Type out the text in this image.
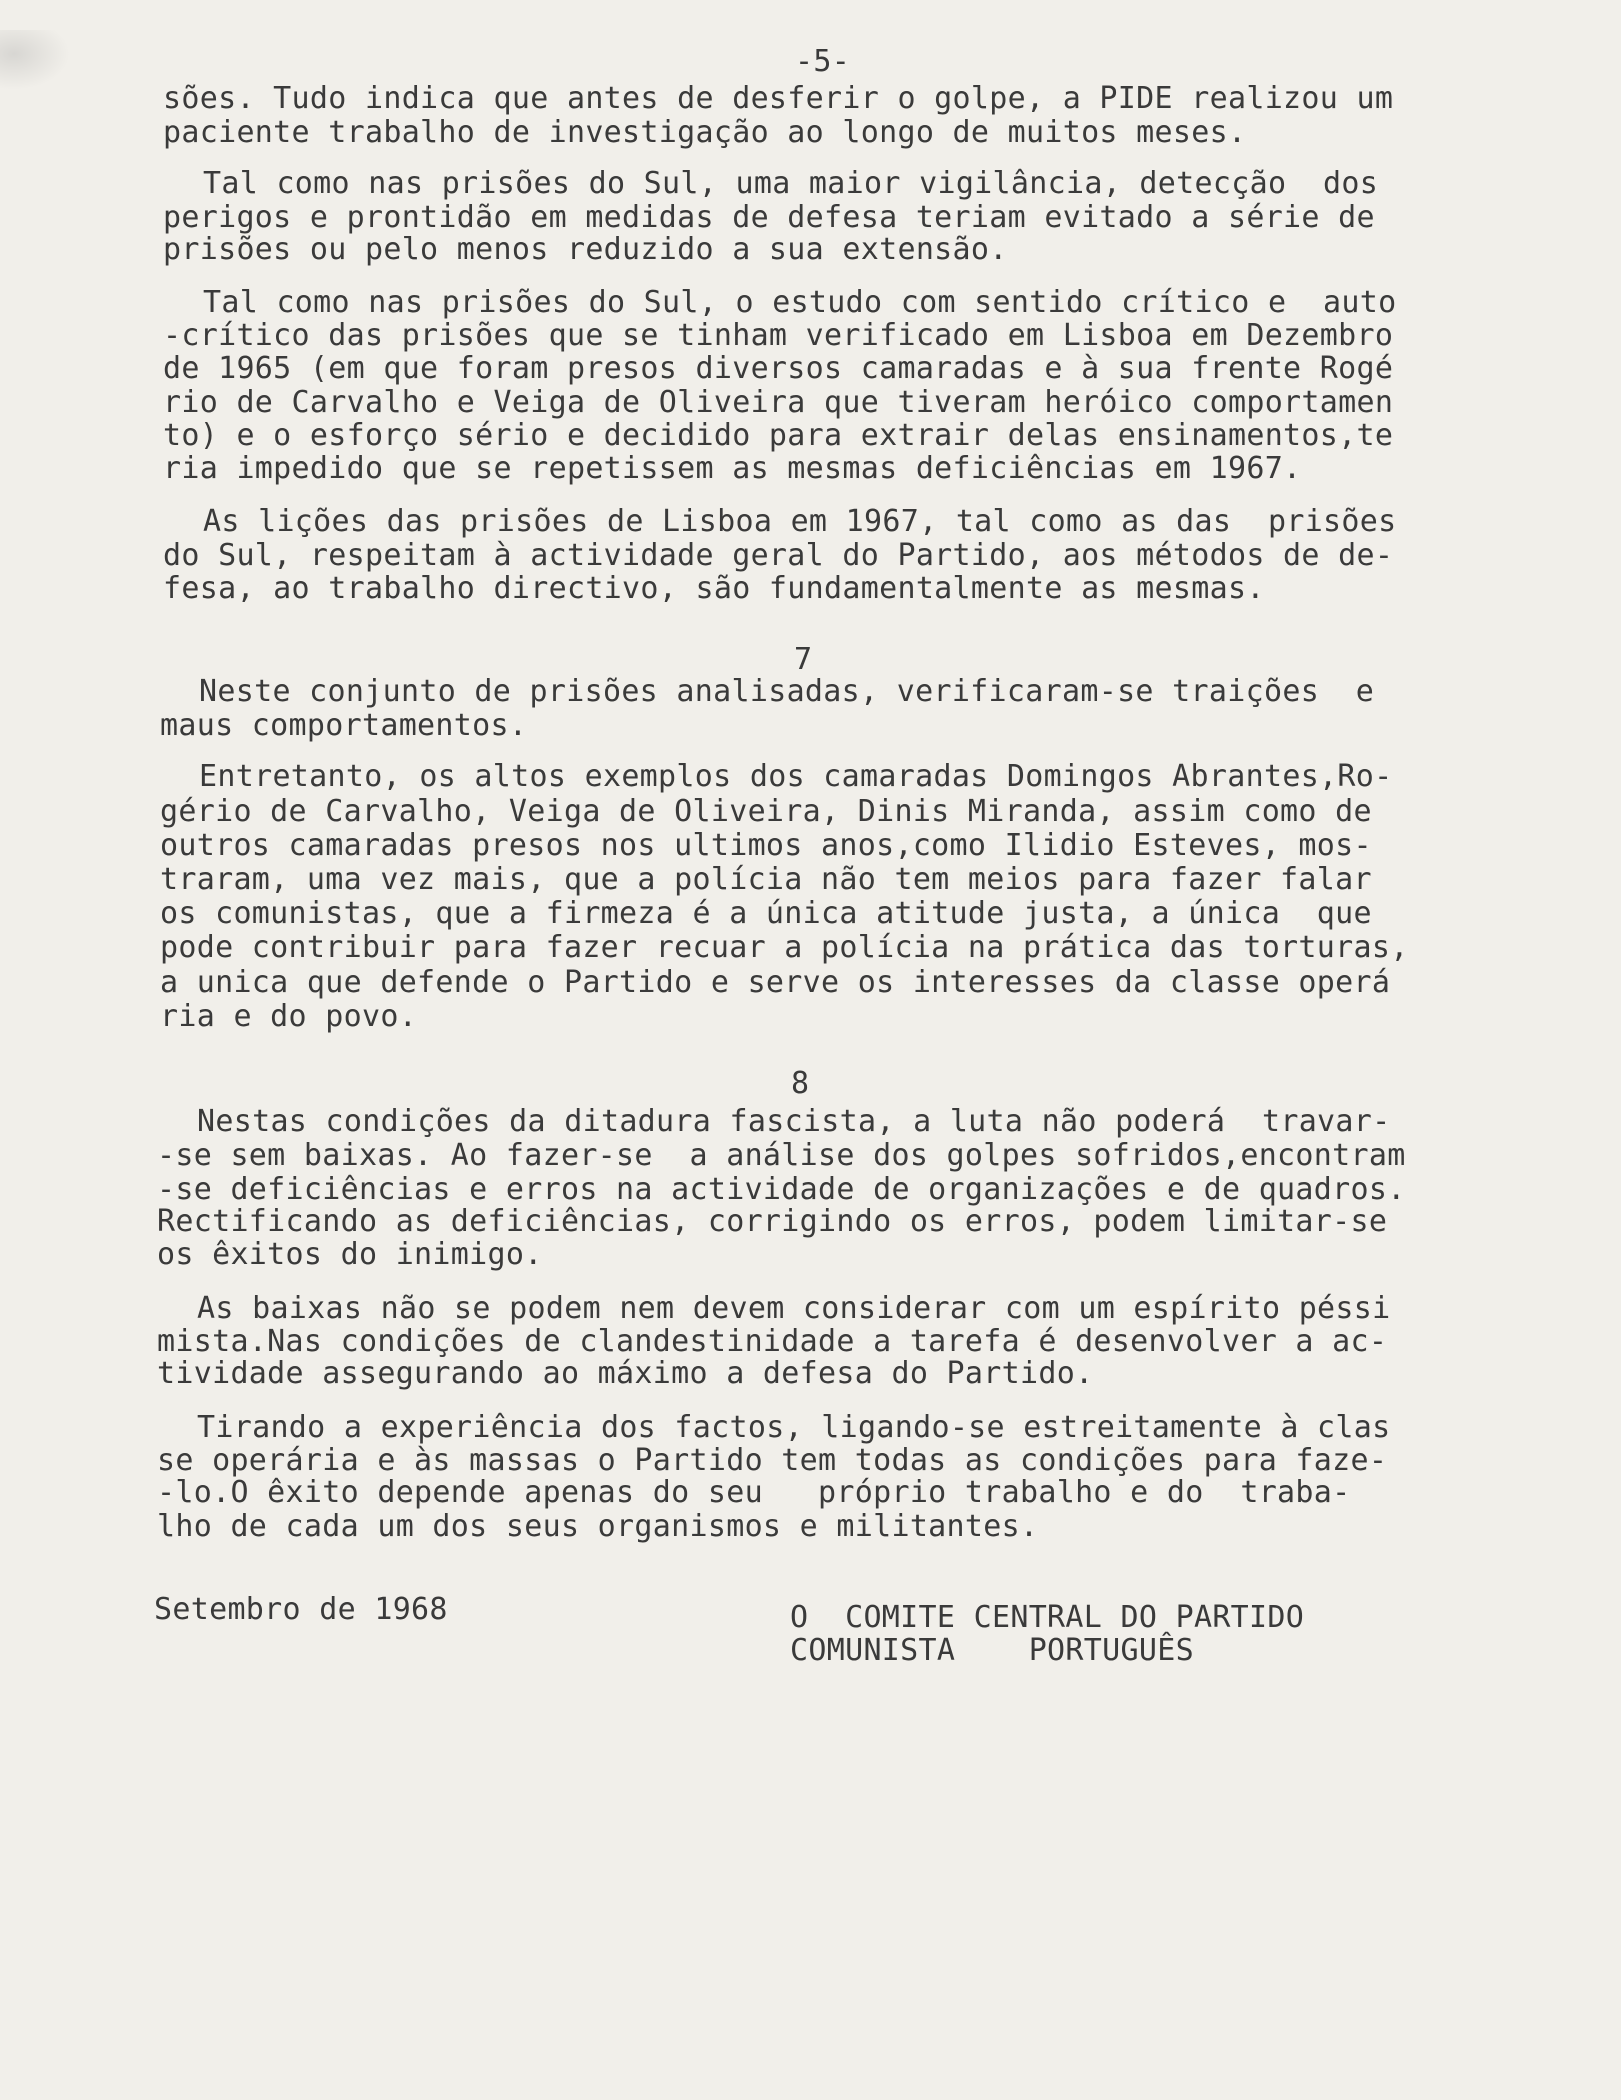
-5-
sões. Tudo indica que antes de desferir o golpe, a PIDE realizou um
paciente trabalho de investigação ao longo de muitos meses.
Tal como nas prisões do Sul, uma maior vigilância, detecção  dos
perigos e prontidão em medidas de defesa teriam evitado a série de
prisões ou pelo menos reduzido a sua extensão.
Tal como nas prisões do Sul, o estudo com sentido crítico e  auto
-crítico das prisões que se tinham verificado em Lisboa em Dezembro
de 1965 (em que foram presos diversos camaradas e à sua frente Rogé
rio de Carvalho e Veiga de Oliveira que tiveram heróico comportamen
to) e o esforço sério e decidido para extrair delas ensinamentos,te
ria impedido que se repetissem as mesmas deficiências em 1967.
As lições das prisões de Lisboa em 1967, tal como as das  prisões
do Sul, respeitam à actividade geral do Partido, aos métodos de de-
fesa, ao trabalho directivo, são fundamentalmente as mesmas.
7
Neste conjunto de prisões analisadas, verificaram-se traições  e
maus comportamentos.
Entretanto, os altos exemplos dos camaradas Domingos Abrantes,Ro-
gério de Carvalho, Veiga de Oliveira, Dinis Miranda, assim como de
outros camaradas presos nos ultimos anos,como Ilidio Esteves, mos-
traram, uma vez mais, que a polícia não tem meios para fazer falar
os comunistas, que a firmeza é a única atitude justa, a única  que
pode contribuir para fazer recuar a polícia na prática das torturas,
a unica que defende o Partido e serve os interesses da classe operá
ria e do povo.
8
Nestas condições da ditadura fascista, a luta não poderá  travar-
-se sem baixas. Ao fazer-se  a análise dos golpes sofridos,encontram
-se deficiências e erros na actividade de organizações e de quadros.
Rectificando as deficiências, corrigindo os erros, podem limitar-se
os êxitos do inimigo.
As baixas não se podem nem devem considerar com um espírito péssi
mista.Nas condições de clandestinidade a tarefa é desenvolver a ac-
tividade assegurando ao máximo a defesa do Partido.
Tirando a experiência dos factos, ligando-se estreitamente à clas
se operária e às massas o Partido tem todas as condições para faze-
-lo.O êxito depende apenas do seu   próprio trabalho e do  traba-
lho de cada um dos seus organismos e militantes.
Setembro de 1968	O  COMITE CENTRAL DO PARTIDO
COMUNISTA    PORTUGUÊS
